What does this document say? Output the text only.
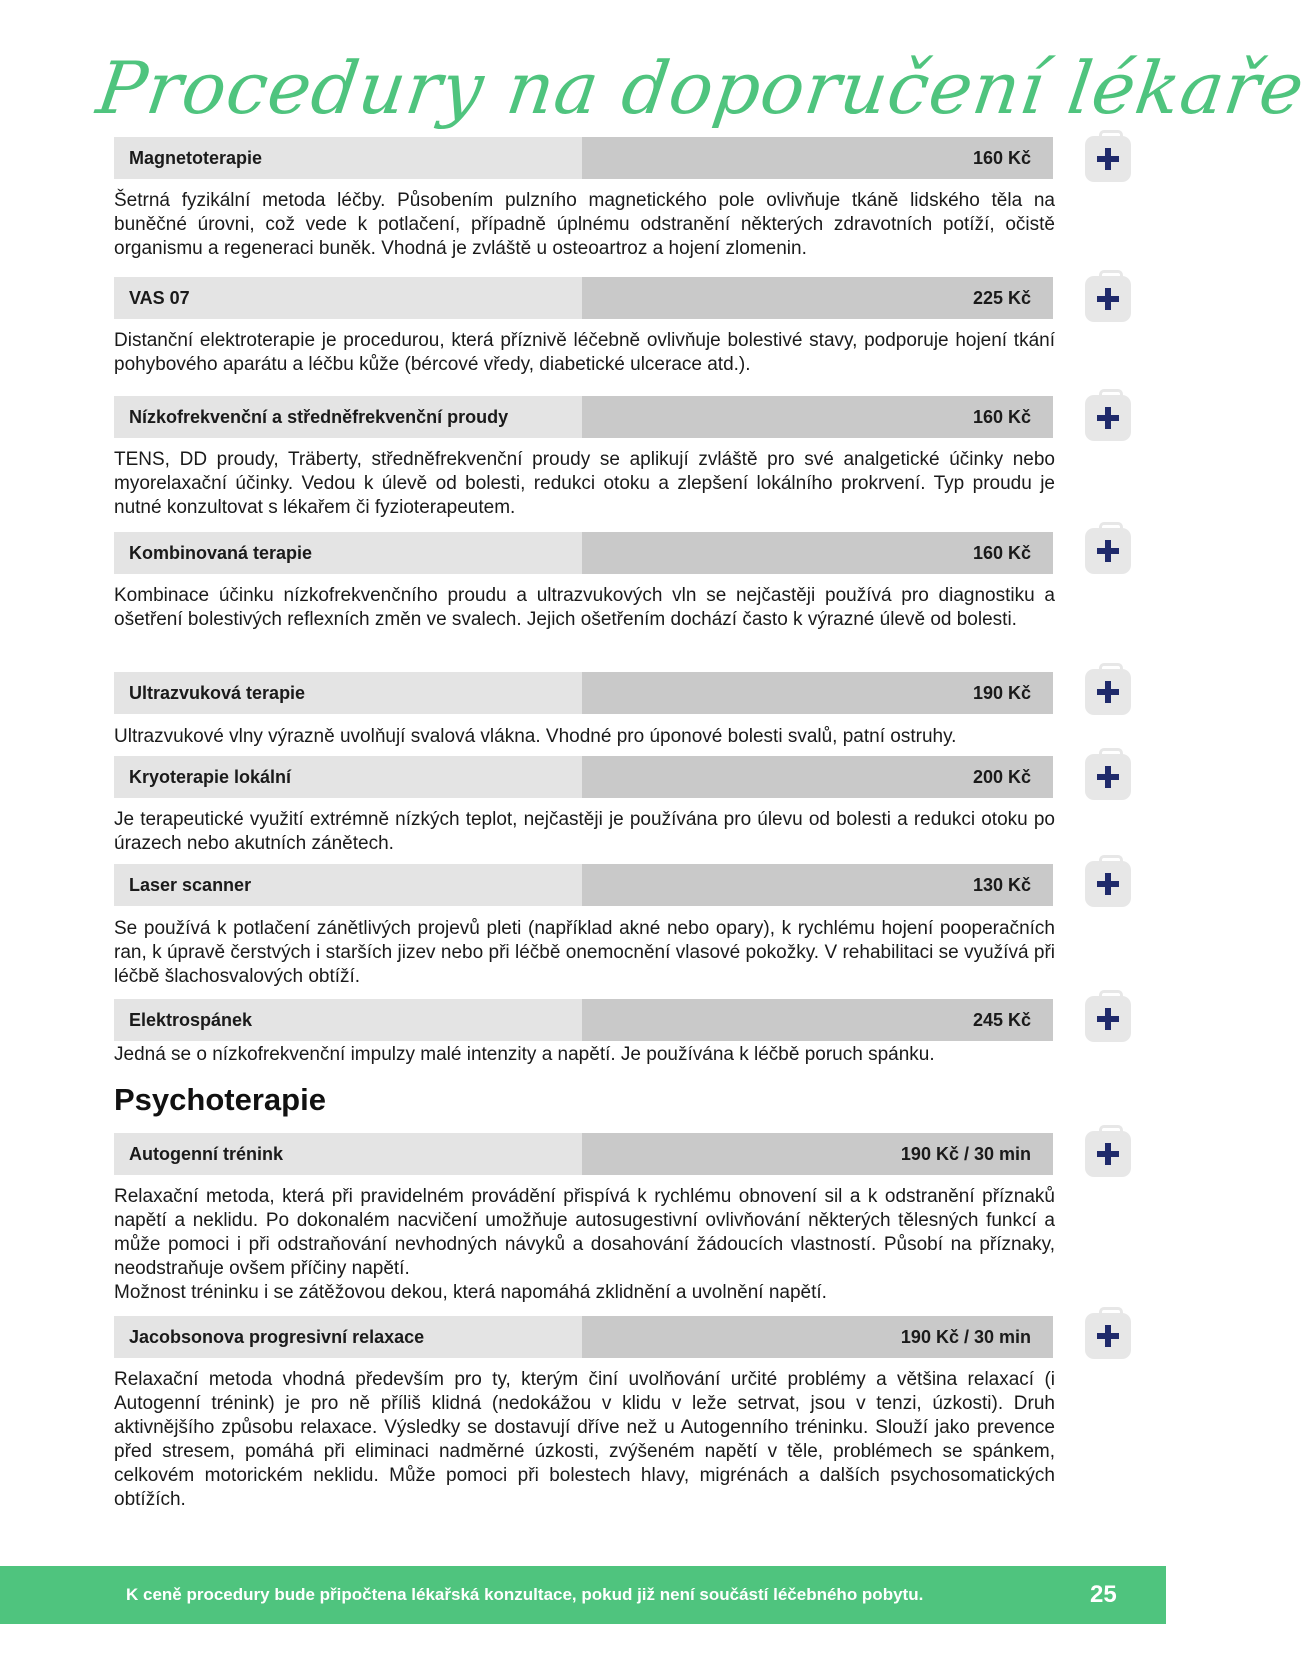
Procedury na doporučení lékaře
Magnetoterapie	160 Kč
Šetrná fyzikální metoda léčby. Působením pulzního magnetického pole ovlivňuje tkáně lidského těla na buněčné úrovni, což vede k potlačení, případně úplnému odstranění některých zdravotních potíží, očistě organismu a regeneraci buněk. Vhodná je zvláště u osteoartroz a hojení zlomenin.
VAS 07	225 Kč
Distanční elektroterapie je procedurou, která příznivě léčebně ovlivňuje bolestivé stavy, podporuje hojení tkání pohybového aparátu a léčbu kůže (bércové vředy, diabetické ulcerace atd.).
Nízkofrekvenční a středněfrekvenční proudy	160 Kč
TENS, DD proudy, Träberty, středněfrekvenční proudy se aplikují zvláště pro své analgetické účinky nebo myorelaxační účinky. Vedou k úlevě od bolesti, redukci otoku a zlepšení lokálního prokrvení. Typ proudu je nutné konzultovat s lékařem či fyzioterapeutem.
Kombinovaná terapie	160 Kč
Kombinace účinku nízkofrekvenčního proudu a ultrazvukových vln se nejčastěji používá pro diagnostiku a ošetření bolestivých reflexních změn ve svalech. Jejich ošetřením dochází často k výrazné úlevě od bolesti.
Ultrazvuková terapie	190 Kč
Ultrazvukové vlny výrazně uvolňují svalová vlákna. Vhodné pro úponové bolesti svalů, patní ostruhy.
Kryoterapie lokální	200 Kč
Je terapeutické využití extrémně nízkých teplot, nejčastěji je používána pro úlevu od bolesti a redukci otoku po úrazech nebo akutních zánětech.
Laser scanner	130 Kč
Se používá k potlačení zánětlivých projevů pleti (například akné nebo opary), k rychlému hojení pooperačních ran, k úpravě čerstvých i starších jizev nebo při léčbě onemocnění vlasové pokožky. V rehabilitaci se využívá při léčbě šlachosvalových obtíží.
Elektrospánek	245 Kč
Jedná se o nízkofrekvenční impulzy malé intenzity a napětí. Je používána k léčbě poruch spánku.
Psychoterapie
Autogenní trénink	190 Kč / 30 min
Relaxační metoda, která při pravidelném provádění přispívá k rychlému obnovení sil a k odstranění příznaků napětí a neklidu. Po dokonalém nacvičení umožňuje autosugestivní ovlivňování některých tělesných funkcí a může pomoci i při odstraňování nevhodných návyků a dosahování žádoucích vlastností. Působí na příznaky, neodstraňuje ovšem příčiny napětí.
Možnost tréninku i se zátěžovou dekou, která napomáhá zklidnění a uvolnění napětí.
Jacobsonova progresivní relaxace	190 Kč / 30 min
Relaxační metoda vhodná především pro ty, kterým činí uvolňování určité problémy a většina relaxací (i Autogenní trénink) je pro ně příliš klidná (nedokážou v klidu v leže setrvat, jsou v tenzi, úzkosti). Druh aktivnějšího způsobu relaxace. Výsledky se dostavují dříve než u Autogenního tréninku. Slouží jako prevence před stresem, pomáhá při eliminaci nadměrné úzkosti, zvýšeném napětí v těle, problémech se spánkem, celkovém motorickém neklidu. Může pomoci při bolestech hlavy, migrénách a dalších psychosomatických obtížích.
K ceně procedury bude připočtena lékařská konzultace, pokud již není součástí léčebného pobytu.	25
